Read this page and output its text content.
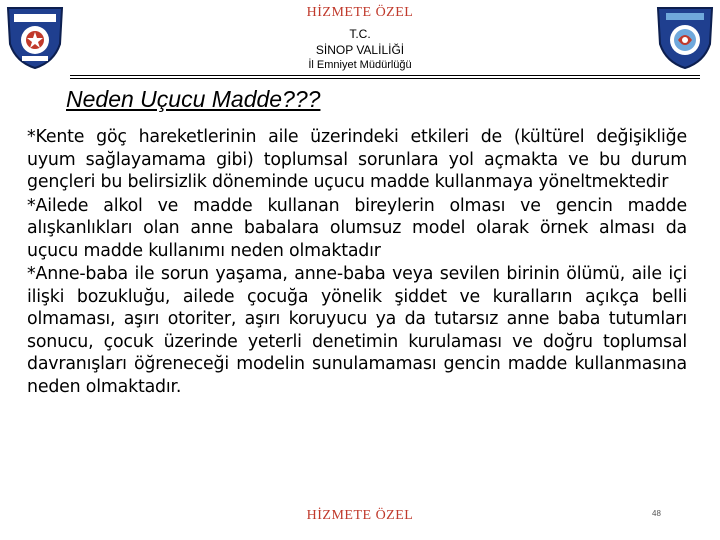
HİZMETE ÖZEL
T.C.
SİNOP VALİLİĞİ
İl Emniyet Müdürlüğü
Neden Uçucu Madde???

*Kente göç hareketlerinin aile üzerindeki etkileri de (kültürel değişikliğe uyum sağlayamama gibi) toplumsal sorunlara yol açmakta ve bu durum gençleri bu belirsizlik döneminde uçucu madde kullanmaya yöneltmektedir

*Ailede alkol ve madde kullanan bireylerin olması ve gencin madde alışkanlıkları olan anne babalara olumsuz model olarak örnek alması da uçucu madde kullanımı neden olmaktadır

*Anne-baba ile sorun yaşama, anne-baba veya sevilen birinin ölümü, aile içi ilişki bozukluğu, ailede çocuğa yönelik şiddet ve kuralların açıkça belli olmaması, aşırı otoriter, aşırı koruyucu ya da tutarsız anne baba tutumları sonucu, çocuk üzerinde yeterli denetimin kurulaması ve doğru toplumsal davranışları öğreneceği modelin sunulamaması gencin madde kullanmasına neden olmaktadır.

HİZMETE ÖZEL	48
